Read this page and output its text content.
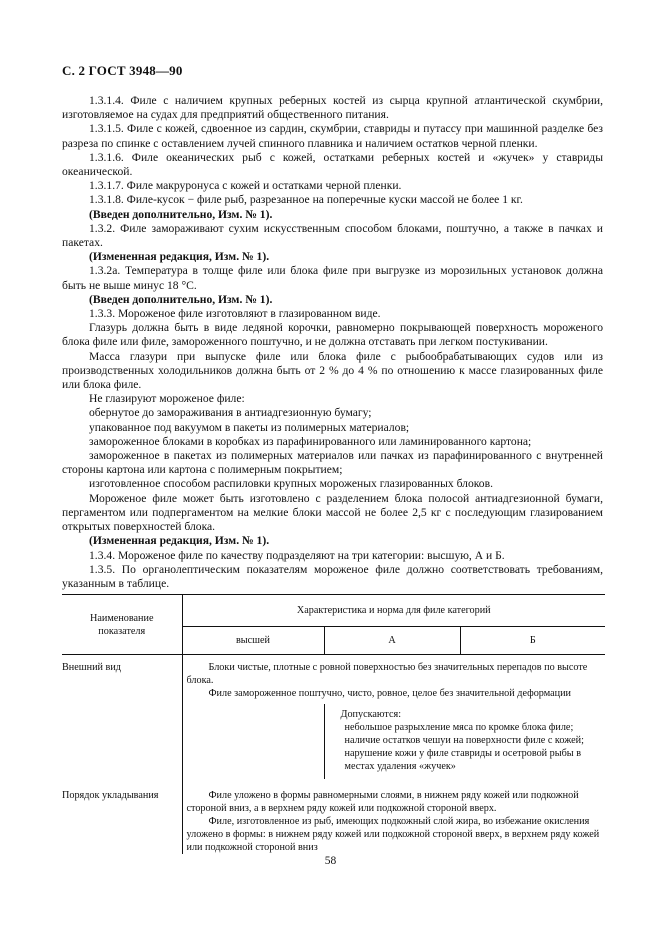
С. 2 ГОСТ 3948—90

1.3.1.4. Филе с наличием крупных реберных костей из сырца крупной атлантической скумбрии, изготовляемое на судах для предприятий общественного питания.

1.3.1.5. Филе с кожей, сдвоенное из сардин, скумбрии, ставриды и путассу при машинной разделке без разреза по спинке с оставлением лучей спинного плавника и наличием остатков черной пленки.

1.3.1.6. Филе океанических рыб с кожей, остатками реберных костей и «жучек» у ставриды океанической.

1.3.1.7. Филе макруронуса с кожей и остатками черной пленки.

1.3.1.8. Филе-кусок − филе рыб, разрезанное на поперечные куски массой не более 1 кг.

(Введен дополнительно, Изм. № 1).

1.3.2. Филе замораживают сухим искусственным способом блоками, поштучно, а также в пачках и пакетах.

(Измененная редакция, Изм. № 1).

1.3.2а. Температура в толще филе или блока филе при выгрузке из морозильных установок должна быть не выше минус 18 °С.

(Введен дополнительно, Изм. № 1).

1.3.3. Мороженое филе изготовляют в глазированном виде.

Глазурь должна быть в виде ледяной корочки, равномерно покрывающей поверхность мороженого блока филе или филе, замороженного поштучно, и не должна отставать при легком постукивании.

Масса глазури при выпуске филе или блока филе с рыбообрабатывающих судов или из производственных холодильников должна быть от 2 % до 4 % по отношению к массе глазированных филе или блока филе.

Не глазируют мороженое филе:

обернутое до замораживания в антиадгезионную бумагу;

упакованное под вакуумом в пакеты из полимерных материалов;

замороженное блоками в коробках из парафинированного или ламинированного картона;

замороженное в пакетах из полимерных материалов или пачках из парафинированного с внутренней стороны картона или картона с полимерным покрытием;

изготовленное способом распиловки крупных мороженых глазированных блоков.

Мороженое филе может быть изготовлено с разделением блока полосой антиадгезионной бумаги, пергаментом или подпергаментом на мелкие блоки массой не более 2,5 кг с последующим глазированием открытых поверхностей блока.

(Измененная редакция, Изм. № 1).

1.3.4. Мороженое филе по качеству подразделяют на три категории: высшую, А и Б.

1.3.5. По органолептическим показателям мороженое филе должно соответствовать требованиям, указанным в таблице.

Наименование показателя	Характеристика и норма для филе категорий		
	высшей	А	Б
Внешний вид	Блоки чистые, плотные с ровной поверхностью без значительных перепадов по высоте блока.

Филе замороженное поштучно, чисто, ровное, целое без значительной деформации		

		Допускаются:
небольшое разрыхление мяса по кромке блока филе;
наличие остатков чешуи на поверхности филе с кожей;
нарушение кожи у филе ставриды и осетровой рыбы в местах удаления «жучек»	

Порядок укладывания	Филе уложено в формы равномерными слоями, в нижнем ряду кожей или подкожной стороной вниз, а в верхнем ряду кожей или подкожной стороной вверх.

Филе, изготовленное из рыб, имеющих подкожный слой жира, во избежание окисления уложено в формы: в нижнем ряду кожей или подкожной стороной вверх, в верхнем ряду кожей или подкожной стороной вниз		

58
